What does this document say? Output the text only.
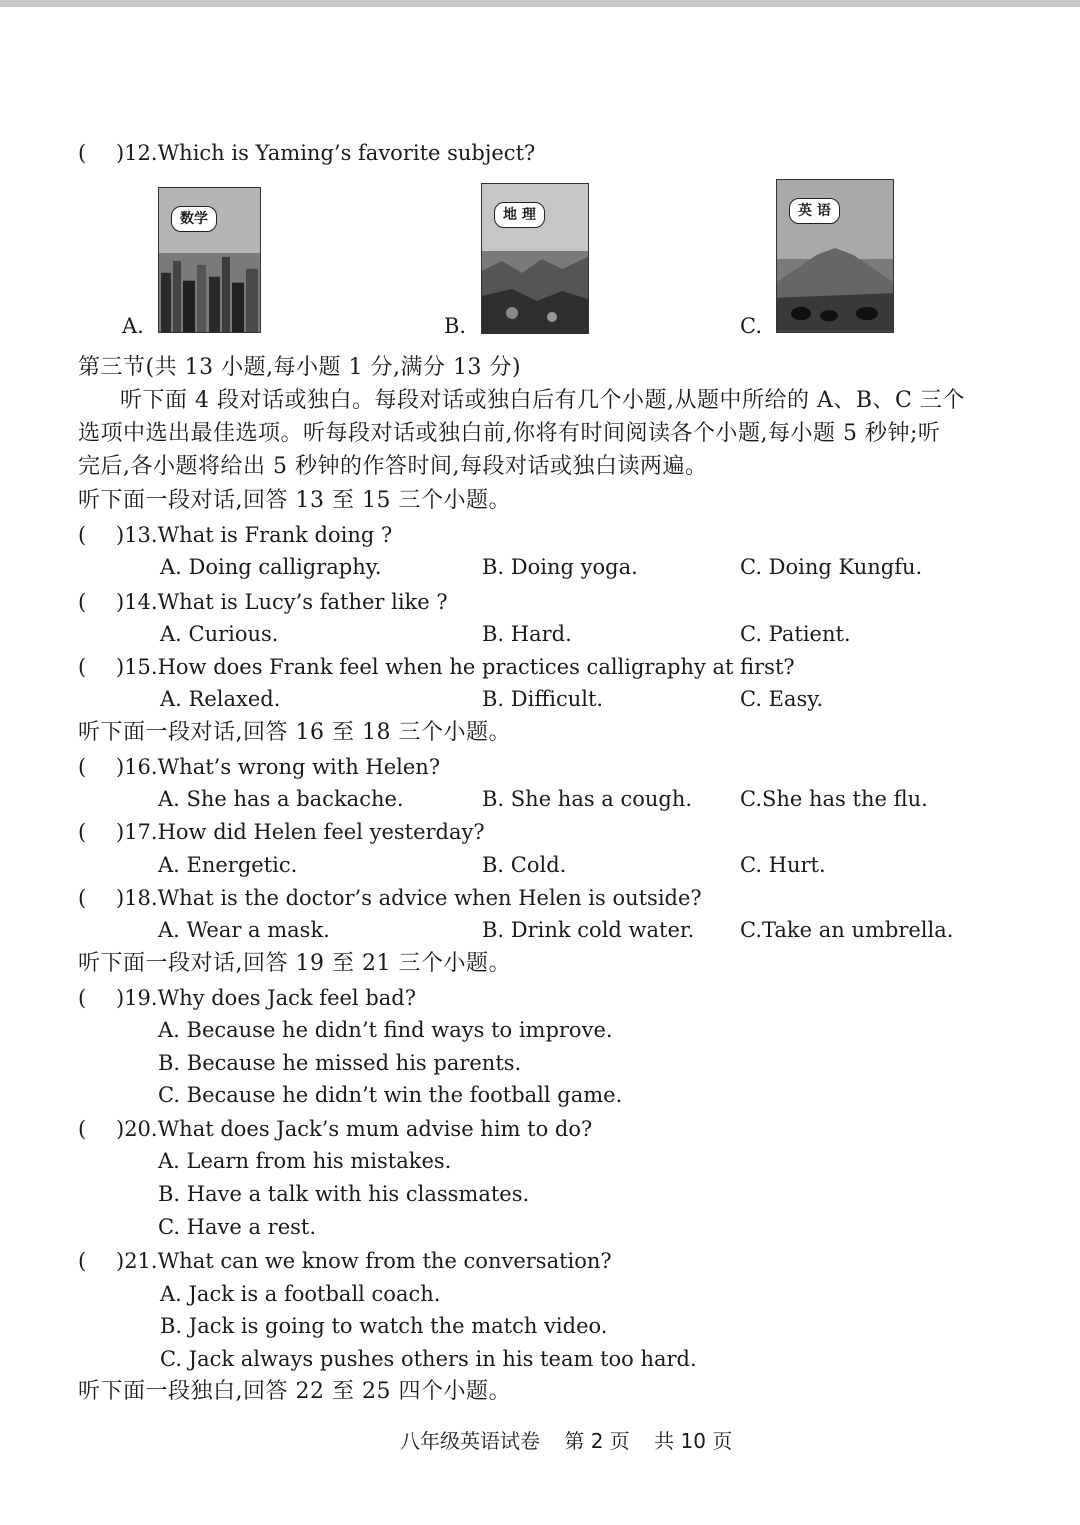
( )12.Which is Yaming’s favorite subject?
A.
数学
B.
地 理
C.
英 语
第三节(共 13 小题,每小题 1 分,满分 13 分)
听下面 4 段对话或独白。每段对话或独白后有几个小题,从题中所给的 A、B、C 三个
选项中选出最佳选项。听每段对话或独白前,你将有时间阅读各个小题,每小题 5 秒钟;听
完后,各小题将给出 5 秒钟的作答时间,每段对话或独白读两遍。
听下面一段对话,回答 13 至 15 三个小题。
( )13.What is Frank doing ?
A. Doing calligraphy.	B. Doing yoga.	C. Doing Kungfu.
( )14.What is Lucy’s father like ?
A. Curious.	B. Hard.	C. Patient.
( )15.How does Frank feel when he practices calligraphy at first?
A. Relaxed.	B. Difficult.	C. Easy.
听下面一段对话,回答 16 至 18 三个小题。
( )16.What’s wrong with Helen?
A. She has a backache.	B. She has a cough. C.She has the flu.
( )17.How did Helen feel yesterday?
A. Energetic.	B. Cold.	C. Hurt.
( )18.What is the doctor’s advice when Helen is outside?
A. Wear a mask.	B. Drink cold water. C.Take an umbrella.
听下面一段对话,回答 19 至 21 三个小题。
( )19.Why does Jack feel bad?
A. Because he didn’t find ways to improve.
B. Because he missed his parents.
C. Because he didn’t win the football game.
( )20.What does Jack’s mum advise him to do?
A. Learn from his mistakes.
B. Have a talk with his classmates.
C. Have a rest.
( )21.What can we know from the conversation?
A. Jack is a football coach.
B. Jack is going to watch the match video.
C. Jack always pushes others in his team too hard.
听下面一段独白,回答 22 至 25 四个小题。
八年级英语试卷 第 2 页 共 10 页
